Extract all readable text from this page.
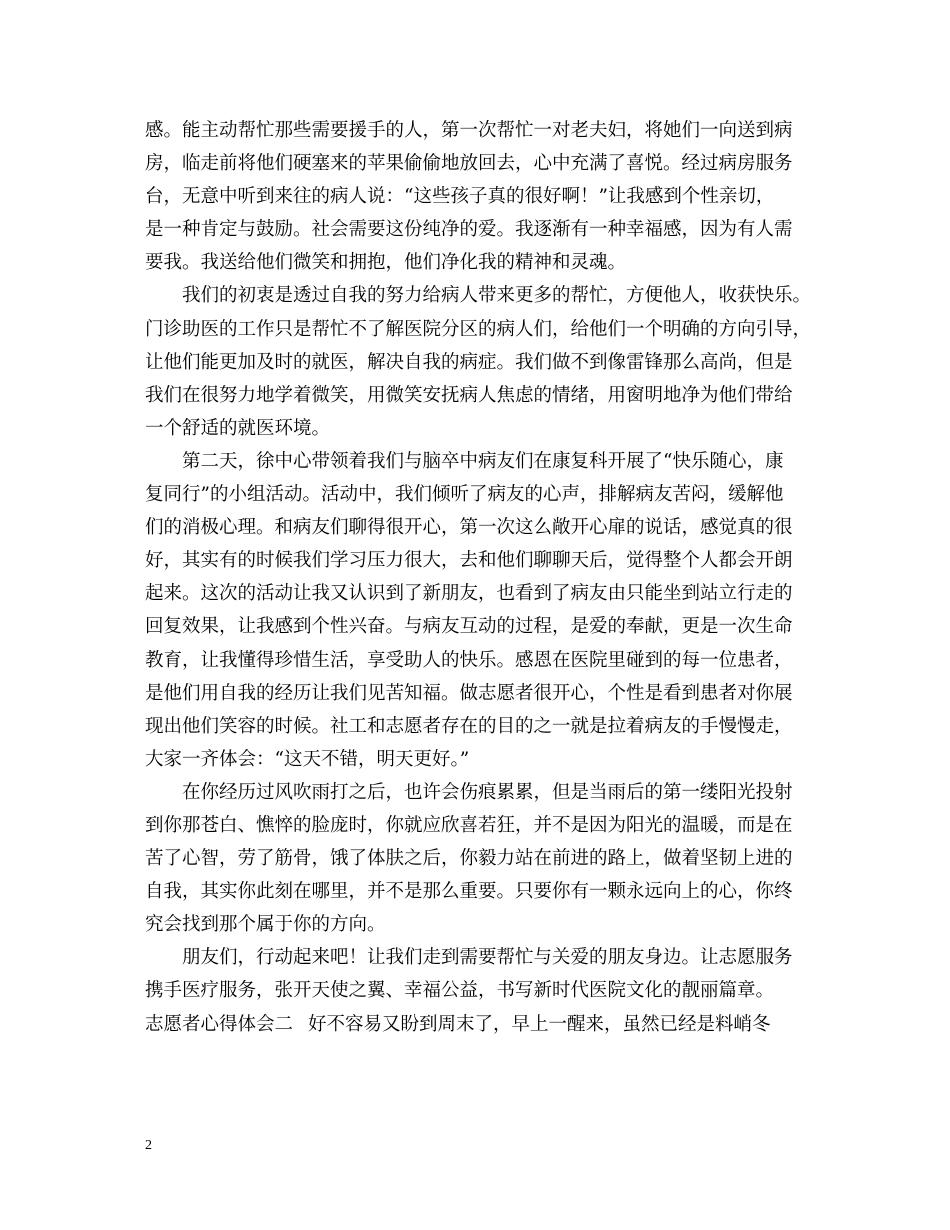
感。能主动帮忙那些需要援手的人，第一次帮忙一对老夫妇，将她们一向送到病
房，临走前将他们硬塞来的苹果偷偷地放回去，心中充满了喜悦。经过病房服务
台，无意中听到来往的病人说：“这些孩子真的很好啊！”让我感到个性亲切，
是一种肯定与鼓励。社会需要这份纯净的爱。我逐渐有一种幸福感，因为有人需
要我。我送给他们微笑和拥抱，他们净化我的精神和灵魂。
我们的初衷是透过自我的努力给病人带来更多的帮忙，方便他人，收获快乐。
门诊助医的工作只是帮忙不了解医院分区的病人们，给他们一个明确的方向引导，
让他们能更加及时的就医，解决自我的病症。我们做不到像雷锋那么高尚，但是
我们在很努力地学着微笑，用微笑安抚病人焦虑的情绪，用窗明地净为他们带给
一个舒适的就医环境。
第二天，徐中心带领着我们与脑卒中病友们在康复科开展了“快乐随心，康
复同行”的小组活动。活动中，我们倾听了病友的心声，排解病友苦闷，缓解他
们的消极心理。和病友们聊得很开心，第一次这么敞开心扉的说话，感觉真的很
好，其实有的时候我们学习压力很大，去和他们聊聊天后，觉得整个人都会开朗
起来。这次的活动让我又认识到了新朋友，也看到了病友由只能坐到站立行走的
回复效果，让我感到个性兴奋。与病友互动的过程，是爱的奉献，更是一次生命
教育，让我懂得珍惜生活，享受助人的快乐。感恩在医院里碰到的每一位患者，
是他们用自我的经历让我们见苦知福。做志愿者很开心，个性是看到患者对你展
现出他们笑容的时候。社工和志愿者存在的目的之一就是拉着病友的手慢慢走，
大家一齐体会：“这天不错，明天更好。”
在你经历过风吹雨打之后，也许会伤痕累累，但是当雨后的第一缕阳光投射
到你那苍白、憔悴的脸庞时，你就应欣喜若狂，并不是因为阳光的温暖，而是在
苦了心智，劳了筋骨，饿了体肤之后，你毅力站在前进的路上，做着坚韧上进的
自我，其实你此刻在哪里，并不是那么重要。只要你有一颗永远向上的心，你终
究会找到那个属于你的方向。
朋友们，行动起来吧！让我们走到需要帮忙与关爱的朋友身边。让志愿服务
携手医疗服务，张开天使之翼、幸福公益，书写新时代医院文化的靓丽篇章。
志愿者心得体会二 好不容易又盼到周末了，早上一醒来，虽然已经是料峭冬
2
